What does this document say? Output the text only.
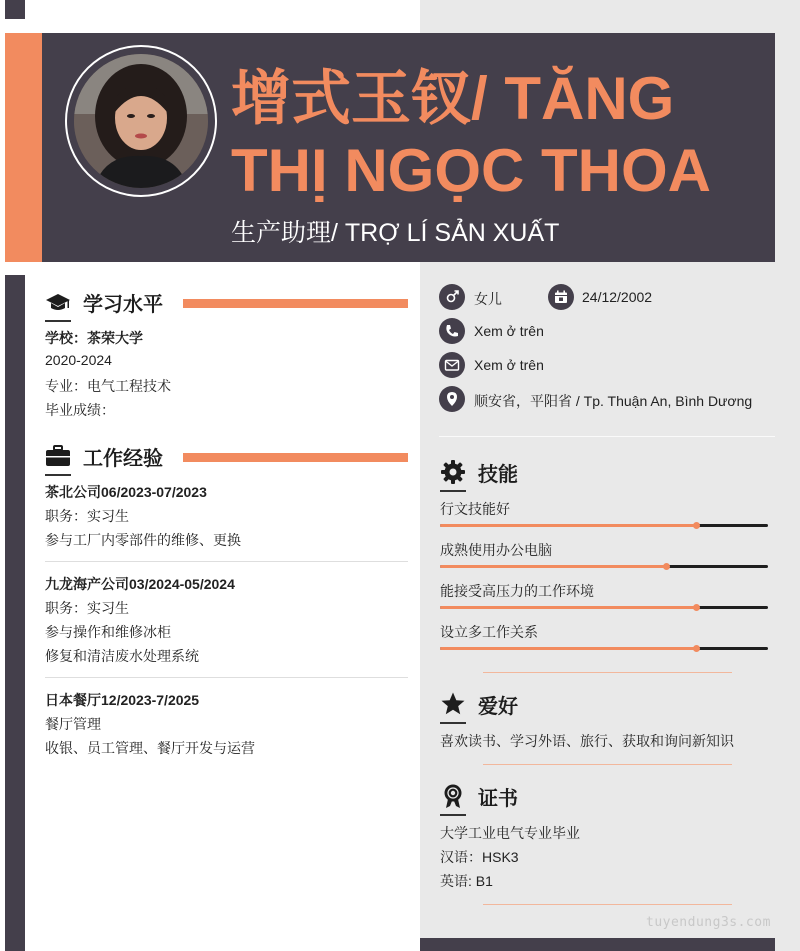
增式玉钗/ TĂNG THỊ NGỌC THOA
生产助理/ TRỢ LÍ SẢN XUẤT
学习水平
学校：茶荣大学
2020-2024
专业：电气工程技术
毕业成绩：
工作经验
茶北公司06/2023-07/2023
职务：实习生
参与工厂内零部件的维修、更换
九龙海产公司03/2024-05/2024
职务：实习生
参与操作和维修冰柜
修复和清洁废水处理系统
日本餐厅12/2023-7/2025
餐厅管理
收银、员工管理、餐厅开发与运营
女儿	24/12/2002
Xem ở trên
Xem ở trên
顺安省，平阳省 / Tp. Thuận An, Bình Dương
技能
行文技能好
成熟使用办公电脑
能接受高压力的工作环境
设立多工作关系
爱好
喜欢读书、学习外语、旅行、获取和询问新知识
证书
大学工业电气专业毕业
汉语：HSK3
英语: B1
tuyendung3s.com
